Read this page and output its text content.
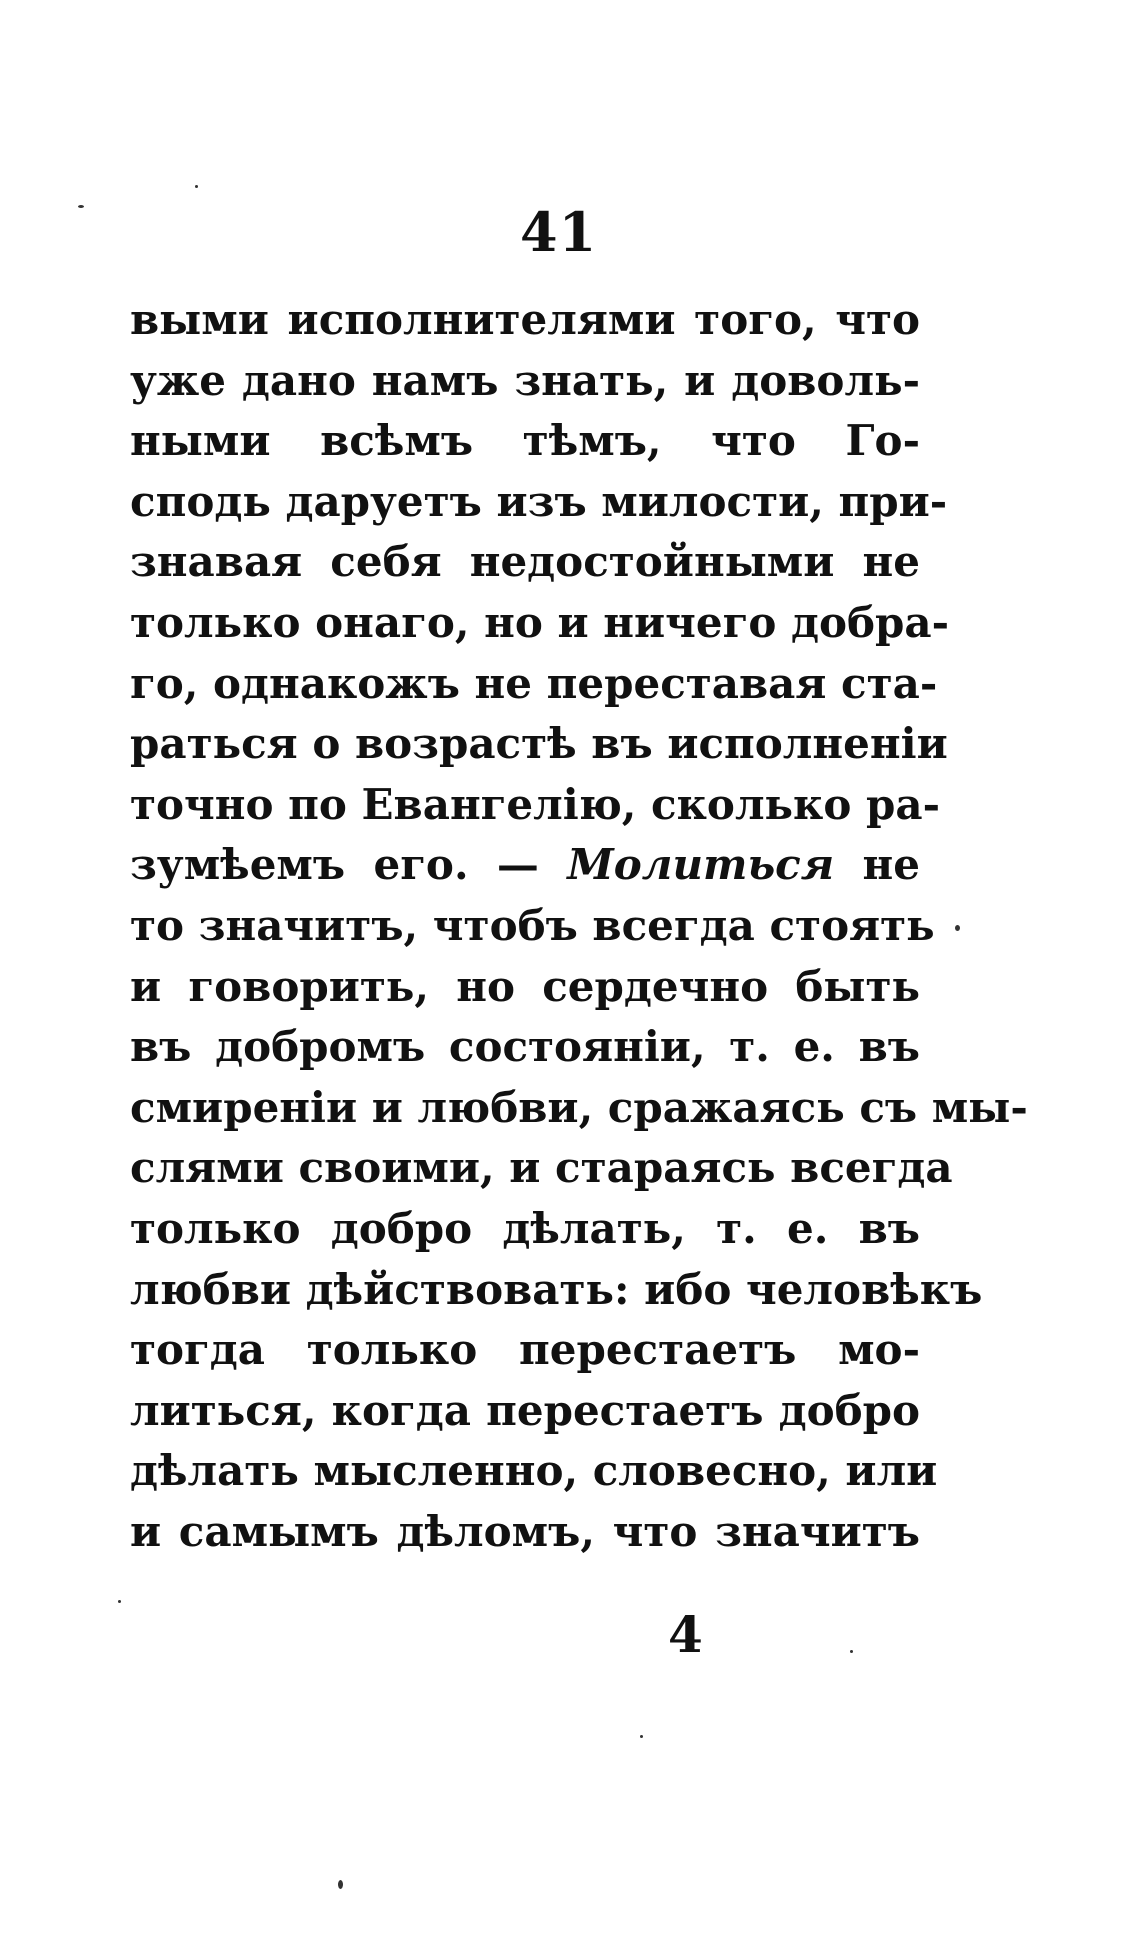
41
выми исполнителями того, что
уже дано намъ знать, и доволь-
ными всѣмъ тѣмъ, что Го-
сподь даруетъ изъ милости, при-
знавая себя недостойными не
только онаго, но и ничего добра-
го, однакожъ не переставая ста-
раться о возрастѣ въ исполненіи
точно по Евангелію, сколько ра-
зумѣемъ его. — Молиться не
то значитъ, чтобъ всегда стоять
и говорить, но сердечно быть
въ добромъ состояніи, т. е. въ
смиреніи и любви, сражаясь съ мы-
слями своими, и стараясь всегда
только добро дѣлать, т. е. въ
любви дѣйствовать: ибо человѣкъ
тогда только перестаетъ мо-
литься, когда перестаетъ добро
дѣлать мысленно, словесно, или
и самымъ дѣломъ, что значитъ
4
